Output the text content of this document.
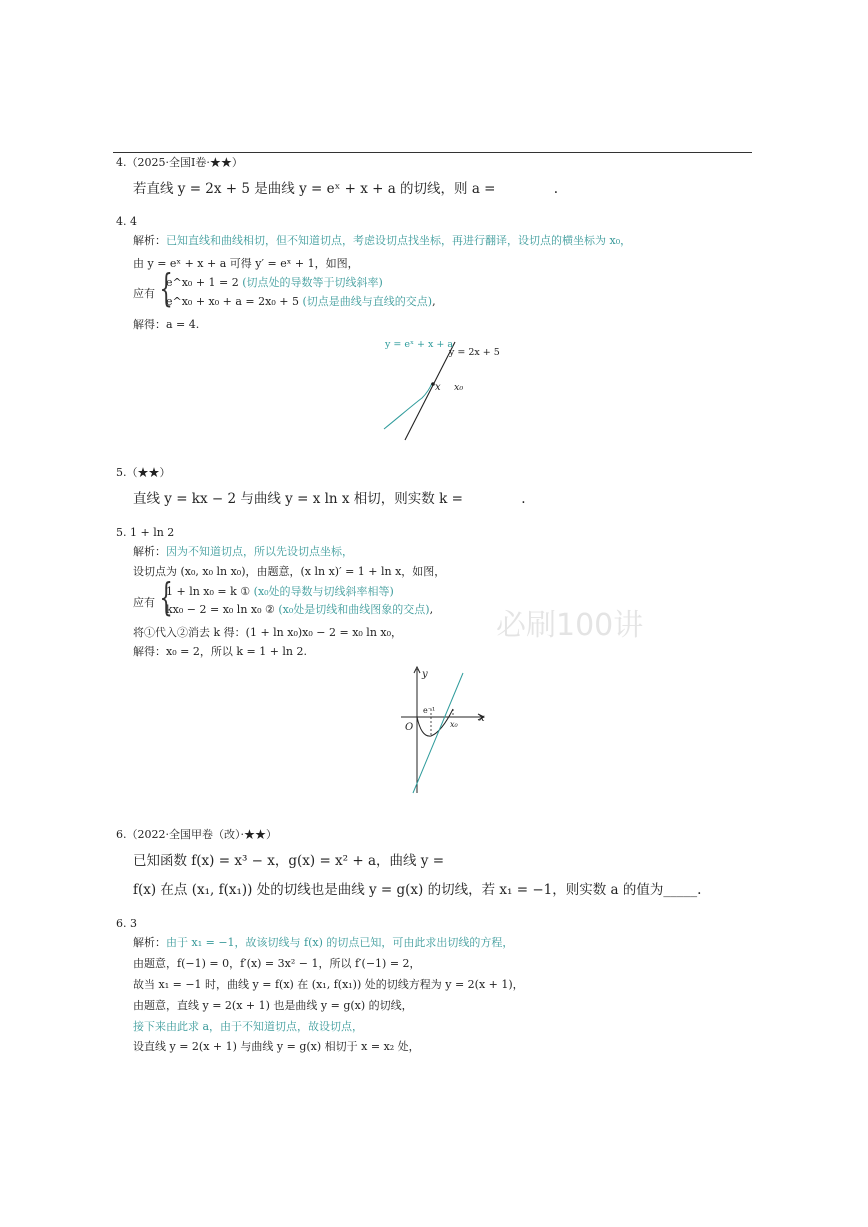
4.（2025·全国Ⅰ卷·★★）
若直线 y = 2x + 5 是曲线 y = eˣ + x + a 的切线，则 a = ________.
4. 4
解析：已知直线和曲线相切，但不知道切点，考虑设切点找坐标，再进行翻译，设切点的横坐标为 x₀，
由 y = eˣ + x + a 可得 y′ = eˣ + 1，如图，
应有 {
e^x₀ + 1 = 2 (切点处的导数等于切线斜率)
e^x₀ + x₀ + a = 2x₀ + 5 (切点是曲线与直线的交点),
解得：a = 4.
y = eˣ + x + a
y = 2x + 5
x x₀
5.（★★）
直线 y = kx − 2 与曲线 y = x ln x 相切，则实数 k = ________.
5. 1 + ln 2
解析：因为不知道切点，所以先设切点坐标，
设切点为 (x₀, x₀ ln x₀)，由题意，(x ln x)′ = 1 + ln x，如图，
应有 {
1 + ln x₀ = k ① (x₀处的导数与切线斜率相等)
kx₀ − 2 = x₀ ln x₀ ② (x₀处是切线和曲线图象的交点),
将①代入②消去 k 得：(1 + ln x₀)x₀ − 2 = x₀ ln x₀，
解得：x₀ = 2，所以 k = 1 + ln 2.
必刷100讲
y
x
O
e⁻¹
x₀
6.（2022·全国甲卷（改）·★★）
已知函数 f(x) = x³ − x，g(x) = x² + a，曲线 y =
f(x) 在点 (x₁, f(x₁)) 处的切线也是曲线 y = g(x) 的切线，若 x₁ = −1，则实数 a 的值为_____.
6. 3
解析：由于 x₁ = −1，故该切线与 f(x) 的切点已知，可由此求出切线的方程，
由题意，f(−1) = 0，f′(x) = 3x² − 1，所以 f′(−1) = 2，
故当 x₁ = −1 时，曲线 y = f(x) 在 (x₁, f(x₁)) 处的切线方程为 y = 2(x + 1)，
由题意，直线 y = 2(x + 1) 也是曲线 y = g(x) 的切线，
接下来由此求 a，由于不知道切点，故设切点，
设直线 y = 2(x + 1) 与曲线 y = g(x) 相切于 x = x₂ 处，
